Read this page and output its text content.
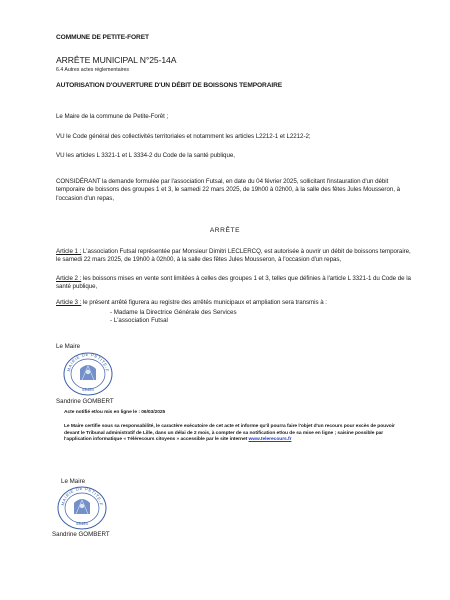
COMMUNE DE PETITE-FORET
ARRÊTE MUNICIPAL N°25-14A
6.4 Autres actes réglementaires
AUTORISATION D'OUVERTURE D'UN DÉBIT DE BOISSONS TEMPORAIRE
Le Maire de la commune de Petite-Forêt ;
VU le Code général des collectivités territoriales et notamment les articles L2212-1 et L2212-2;
VU les articles L 3321-1 et L 3334-2 du Code de la santé publique,
CONSIDÉRANT la demande formulée par l'association Futsal, en date du 04 février 2025, sollicitant l'instauration d'un débit temporaire de boissons des groupes 1 et 3, le samedi 22 mars 2025, de 19h00 à 02h00, à la salle des fêtes Jules Mousseron, à l'occasion d'un repas,
ARRÊTE
Article 1 : L'association Futsal représentée par Monsieur Dimitri LECLERCQ, est autorisée à ouvrir un débit de boissons temporaire, le samedi 22 mars 2025, de 19h00 à 02h00, à la salle des fêtes Jules Mousseron, à l'occasion d'un repas,
Article 2 : les boissons mises en vente sont limitées à celles des groupes 1 et 3, telles que définies à l'article L 3321-1 du Code de la santé publique,
Article 3 : le présent arrêté figurera au registre des arrêtés municipaux et ampliation sera transmis à :
- Madame la Directrice Générale des Services
- L'association Futsal
Le Maire
MAIRIE DE PETITE-F
59494
Sandrine GOMBERT
Acte notifié et/ou mis en ligne le : 06/03/2025
Le Maire certifie sous sa responsabilité, le caractère exécutoire de cet acte et informe qu'il pourra faire l'objet d'un recours pour excès de pouvoir devant le Tribunal administratif de Lille, dans un délai de 2 mois, à compter de sa notification et/ou de sa mise en ligne ; saisine possible par l'application informatique « Télérecours citoyens » accessible par le site internet www.telerecours.fr
Le Maire
MAIRIE DE PETITE-F
59494
Sandrine GOMBERT
